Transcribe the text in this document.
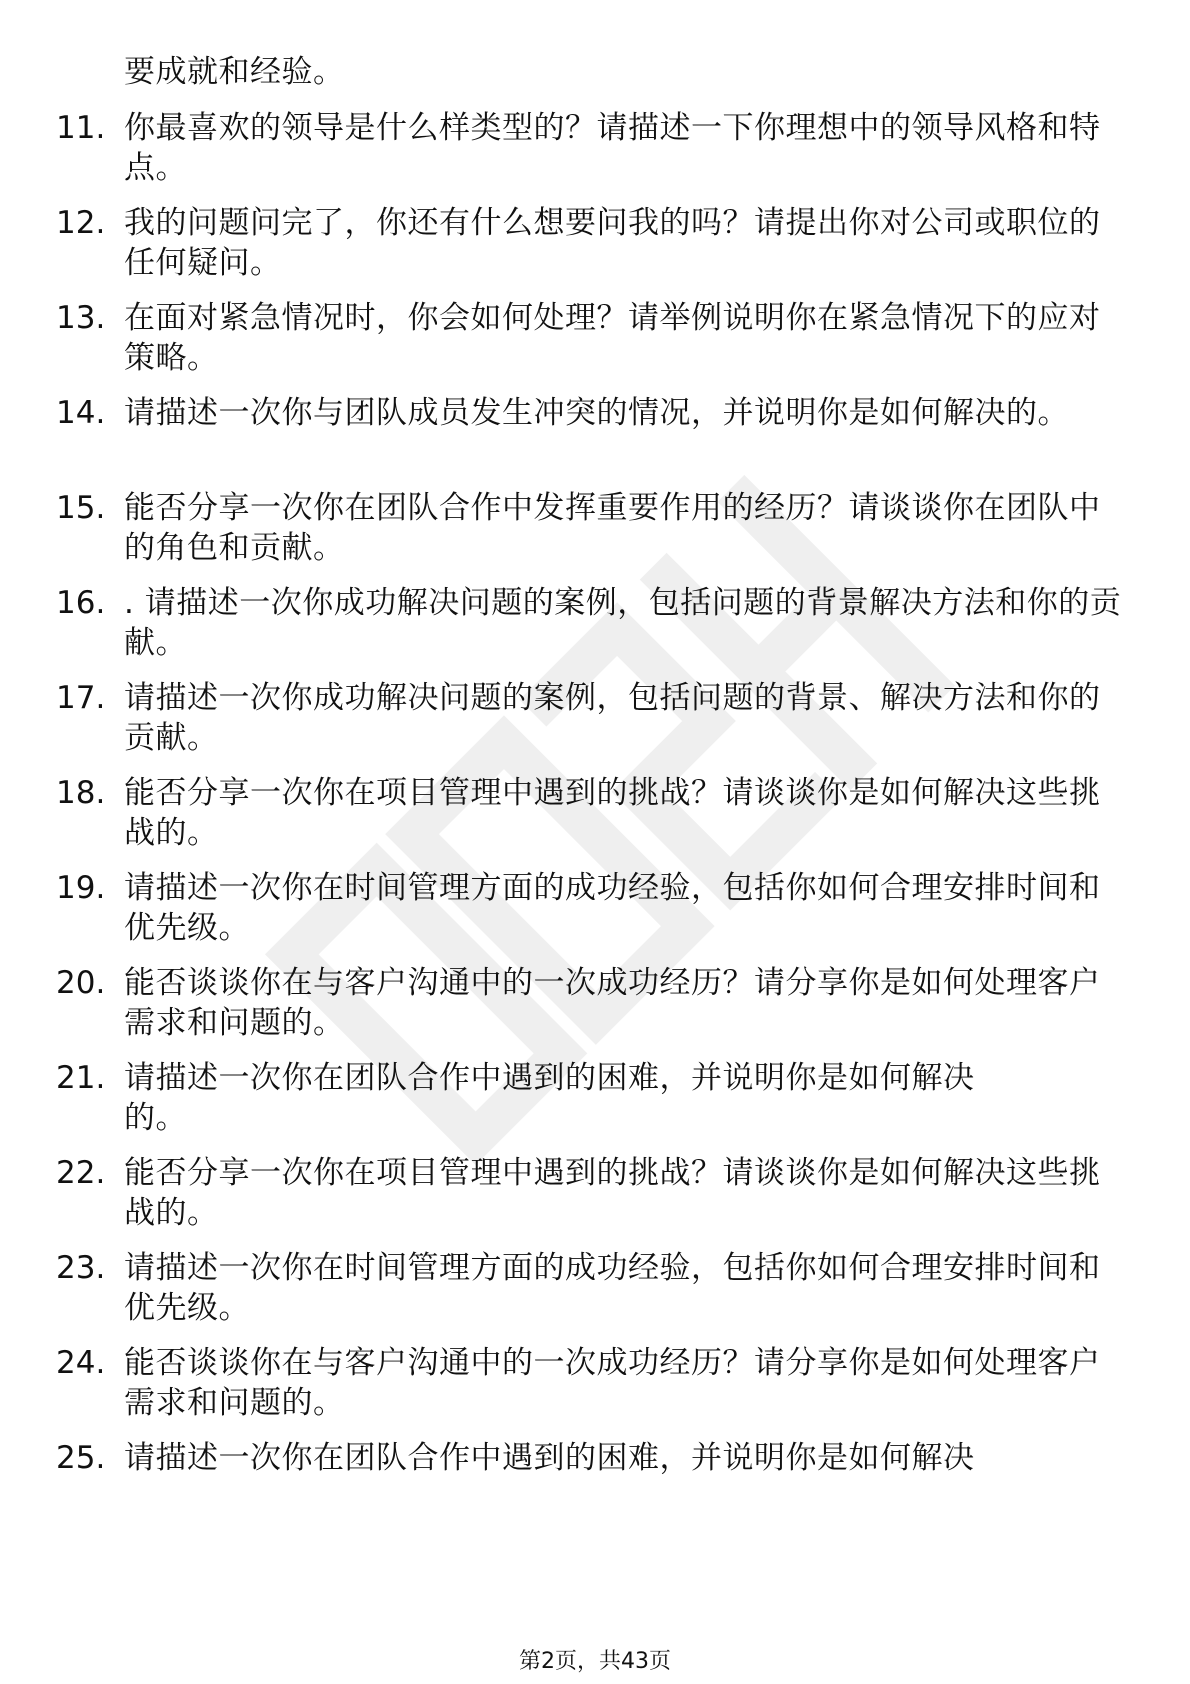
要成就和经验。
11. 你最喜欢的领导是什么样类型的？请描述一下你理想中的领导风格和特点。
12. 我的问题问完了，你还有什么想要问我的吗？请提出你对公司或职位的任何疑问。
13. 在面对紧急情况时，你会如何处理？请举例说明你在紧急情况下的应对策略。
14. 请描述一次你与团队成员发生冲突的情况，并说明你是如何解决的。
15. 能否分享一次你在团队合作中发挥重要作用的经历？请谈谈你在团队中的角色和贡献。
16. . 请描述一次你成功解决问题的案例，包括问题的背景解决方法和你的贡献。
17. 请描述一次你成功解决问题的案例，包括问题的背景、解决方法和你的贡献。
18. 能否分享一次你在项目管理中遇到的挑战？请谈谈你是如何解决这些挑战的。
19. 请描述一次你在时间管理方面的成功经验，包括你如何合理安排时间和优先级。
20. 能否谈谈你在与客户沟通中的一次成功经历？请分享你是如何处理客户需求和问题的。
21. 请描述一次你在团队合作中遇到的困难，并说明你是如何解决的。
22. 能否分享一次你在项目管理中遇到的挑战？请谈谈你是如何解决这些挑战的。
23. 请描述一次你在时间管理方面的成功经验，包括你如何合理安排时间和优先级。
24. 能否谈谈你在与客户沟通中的一次成功经历？请分享你是如何处理客户需求和问题的。
25. 请描述一次你在团队合作中遇到的困难，并说明你是如何解决
第2页，共43页
